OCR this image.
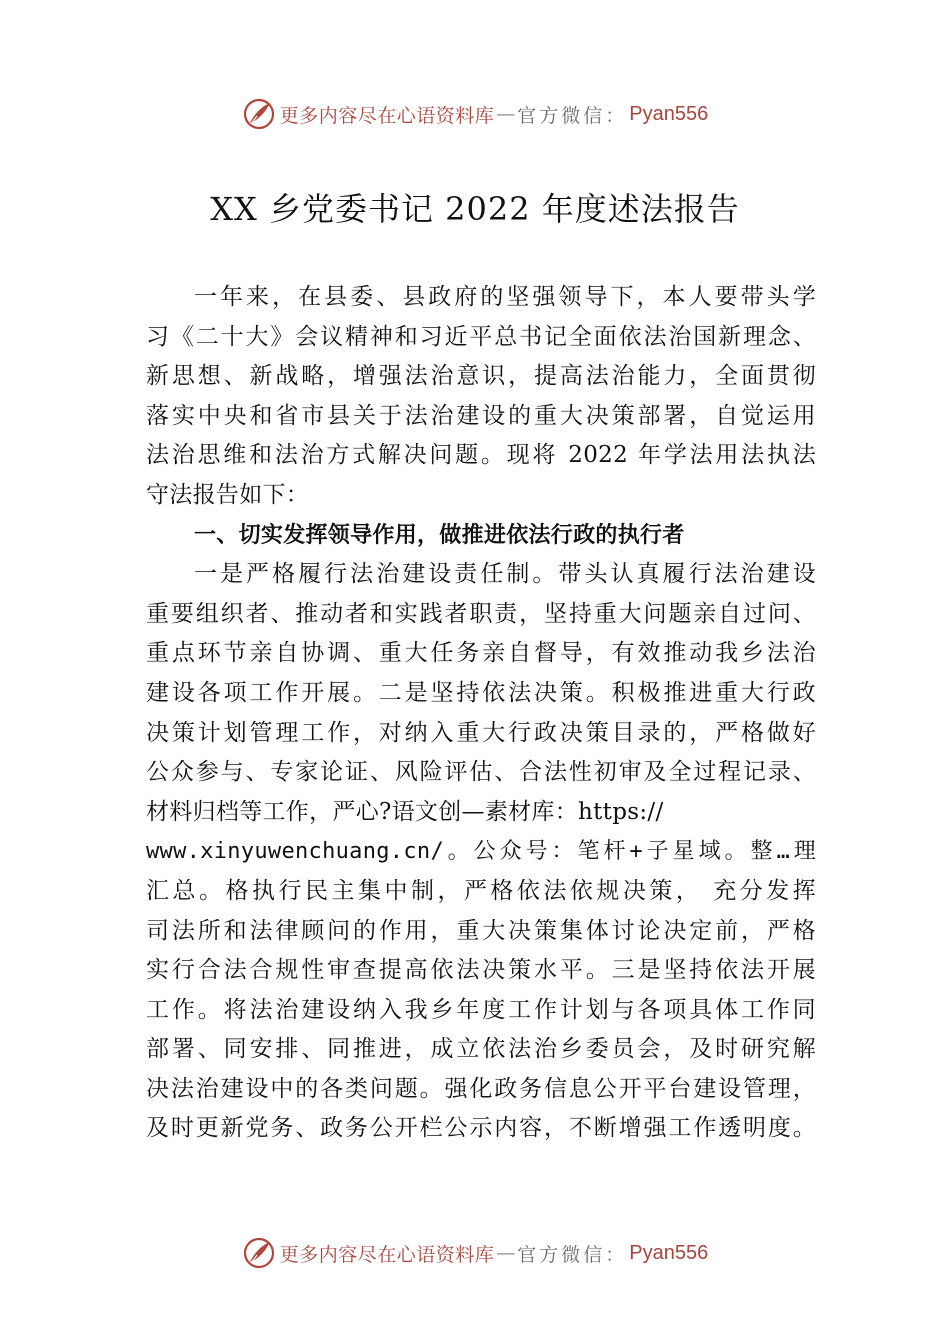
更多内容尽在心语资料库 — 官方微信： Pyan556
XX 乡党委书记 2022 年度述法报告
一年来，在县委、县政府的坚强领导下，本人要带头学
习《二十大》会议精神和习近平总书记全面依法治国新理念、
新思想、新战略，增强法治意识，提高法治能力，全面贯彻
落实中央和省市县关于法治建设的重大决策部署，自觉运用
法治思维和法治方式解决问题。现将 2022 年学法用法执法
守法报告如下：
一、切实发挥领导作用，做推进依法行政的执行者
一是严格履行法治建设责任制。带头认真履行法治建设
重要组织者、推动者和实践者职责，坚持重大问题亲自过问、
重点环节亲自协调、重大任务亲自督导，有效推动我乡法治
建设各项工作开展。二是坚持依法决策。积极推进重大行政
决策计划管理工作，对纳入重大行政决策目录的，严格做好
公众参与、专家论证、风险评估、合法性初审及全过程记录、
材料归档等工作，严心?语文创—素材库：https://
www.xinyuwenchuang.cn/。公众号：笔杆+子星域。整…理
汇总。格执行民主集中制，严格依法依规决策， 充分发挥
司法所和法律顾问的作用，重大决策集体讨论决定前，严格
实行合法合规性审查提高依法决策水平。三是坚持依法开展
工作。将法治建设纳入我乡年度工作计划与各项具体工作同
部署、同安排、同推进，成立依法治乡委员会，及时研究解
决法治建设中的各类问题。强化政务信息公开平台建设管理，
及时更新党务、政务公开栏公示内容，不断增强工作透明度。
更多内容尽在心语资料库 — 官方微信： Pyan556
